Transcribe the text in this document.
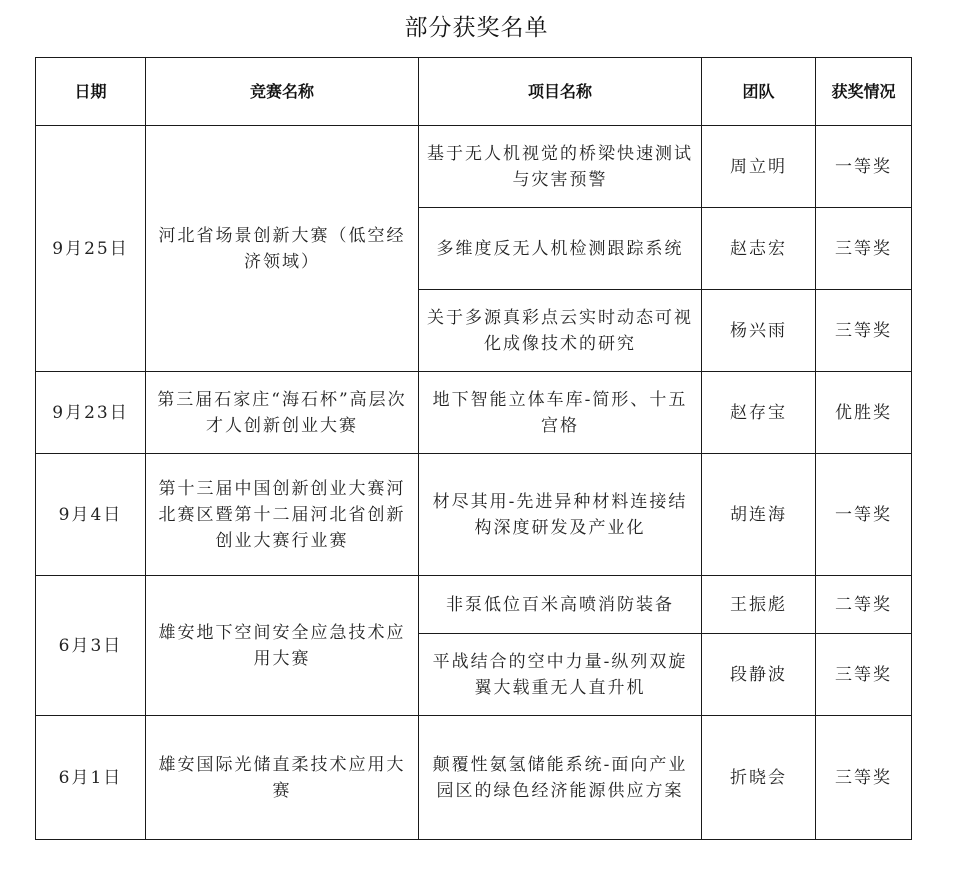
部分获奖名单
日期	竞赛名称	项目名称	团队	获奖情况
9月25日	河北省场景创新大赛（低空经济领域）	基于无人机视觉的桥梁快速测试与灾害预警	周立明	一等奖
		多维度反无人机检测跟踪系统	赵志宏	三等奖
		关于多源真彩点云实时动态可视化成像技术的研究	杨兴雨	三等奖
9月23日	第三届石家庄“海石杯”高层次才人创新创业大赛	地下智能立体车库-简形、十五宫格	赵存宝	优胜奖
9月4日	第十三届中国创新创业大赛河北赛区暨第十二届河北省创新创业大赛行业赛	材尽其用-先进异种材料连接结构深度研发及产业化	胡连海	一等奖
6月3日	雄安地下空间安全应急技术应用大赛	非泵低位百米高喷消防装备	王振彪	二等奖
		平战结合的空中力量-纵列双旋翼大载重无人直升机	段静波	三等奖
6月1日	雄安国际光储直柔技术应用大赛	颠覆性氨氢储能系统-面向产业园区的绿色经济能源供应方案	折晓会	三等奖
